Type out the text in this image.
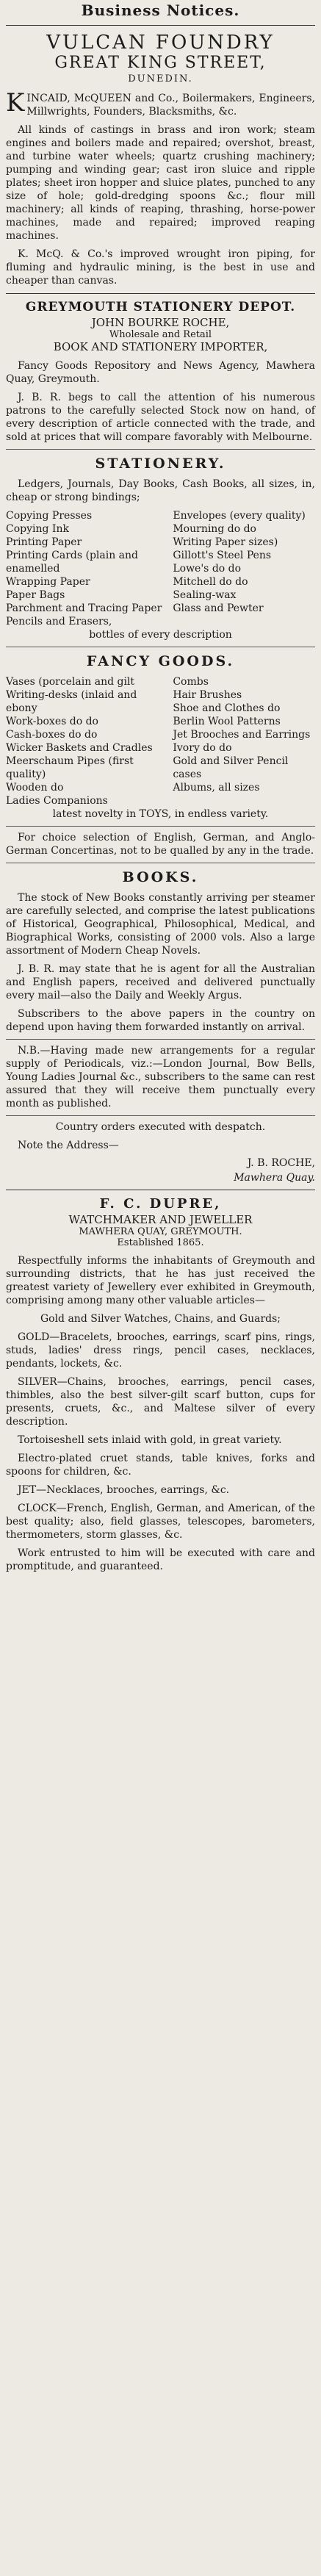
Business Notices.
VULCAN FOUNDRY
GREAT KING STREET,
DUNEDIN.

KINCAID, McQUEEN and Co., Boilermakers, Engineers, Millwrights, Founders, Blacksmiths, &c.

All kinds of castings in brass and iron work; steam engines and boilers made and repaired; overshot, breast, and turbine water wheels; quartz crushing machinery; pumping and winding gear; cast iron sluice and ripple plates; sheet iron hopper and sluice plates, punched to any size of hole; gold-dredging spoons &c.; flour mill machinery; all kinds of reaping, thrashing, horse-power machines, made and repaired; improved reaping machines.

K. McQ. & Co.'s improved wrought iron piping, for fluming and hydraulic mining, is the best in use and cheaper than canvas.

GREYMOUTH STATIONERY DEPOT.
JOHN BOURKE ROCHE,
Wholesale and Retail
BOOK AND STATIONERY IMPORTER,

Fancy Goods Repository and News Agency, Mawhera Quay, Greymouth.

J. B. R. begs to call the attention of his numerous patrons to the carefully selected Stock now on hand, of every description of article connected with the trade, and sold at prices that will compare favorably with Melbourne.

STATIONERY.

Ledgers, Journals, Day Books, Cash Books, all sizes, in, cheap or strong bindings;

Copying Presses
Copying Ink
Printing Paper
Printing Cards (plain and enamelled
Wrapping Paper
Paper Bags
Parchment and Tracing Paper
Pencils and Erasers,
Envelopes (every quality)
Mourning do do
Writing Paper sizes)
Gillott's Steel Pens
Lowe's do do
Mitchell do do
Sealing-wax
Glass and Pewter

bottles of every description

FANCY GOODS.
Vases (porcelain and gilt
Writing-desks (inlaid and ebony
Work-boxes do do
Cash-boxes do do
Wicker Baskets and Cradles
Meerschaum Pipes (first quality)
Wooden do
Ladies Companions
Combs
Hair Brushes
Shoe and Clothes do
Berlin Wool Patterns
Jet Brooches and Earrings
Ivory do do
Gold and Silver Pencil cases
Albums, all sizes

latest novelty in TOYS, in endless variety.

For choice selection of English, German, and Anglo-German Concertinas, not to be qualled by any in the trade.

BOOKS.

The stock of New Books constantly arriving per steamer are carefully selected, and comprise the latest publications of Historical, Geographical, Philosophical, Medical, and Biographical Works, consisting of 2000 vols. Also a large assortment of Modern Cheap Novels.

J. B. R. may state that he is agent for all the Australian and English papers, received and delivered punctually every mail—also the Daily and Weekly Argus.

Subscribers to the above papers in the country on depend upon having them forwarded instantly on arrival.

N.B.—Having made new arrangements for a regular supply of Periodicals, viz.:—London Journal, Bow Bells, Young Ladies Journal &c., subscribers to the same can rest assured that they will receive them punctually every month as published.

Country orders executed with despatch.

Note the Address—

J. B. ROCHE,
Mawhera Quay.
F. C. DUPRE,
WATCHMAKER AND JEWELLER
MAWHERA QUAY, GREYMOUTH.
Established 1865.

Respectfully informs the inhabitants of Greymouth and surrounding districts, that he has just received the greatest variety of Jewellery ever exhibited in Greymouth, comprising among many other valuable articles—

Gold and Silver Watches, Chains, and Guards;

GOLD—Bracelets, brooches, earrings, scarf pins, rings, studs, ladies' dress rings, pencil cases, necklaces, pendants, lockets, &c.

SILVER—Chains, brooches, earrings, pencil cases, thimbles, also the best silver-gilt scarf button, cups for presents, cruets, &c., and Maltese silver of every description.

Tortoiseshell sets inlaid with gold, in great variety.

Electro-plated cruet stands, table knives, forks and spoons for children, &c.

JET—Necklaces, brooches, earrings, &c.

CLOCK—French, English, German, and American, of the best quality; also, field glasses, telescopes, barometers, thermometers, storm glasses, &c.

Work entrusted to him will be executed with care and promptitude, and guaranteed.
